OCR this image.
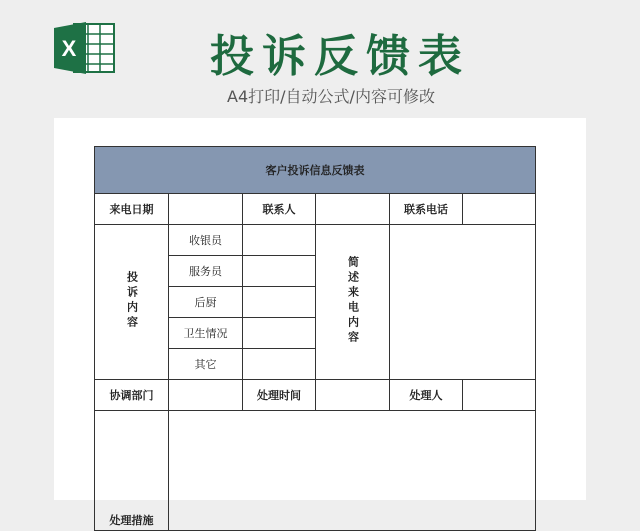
X	投诉反馈表
A4打印/自动公式/内容可修改
客户投诉信息反馈表					
来电日期		联系人		联系电话	
投诉内容	收银员		简述来电内容		
	服务员				
	后厨				
	卫生情况				
	其它				
协调部门		处理时间		处理人	
处理措施					
